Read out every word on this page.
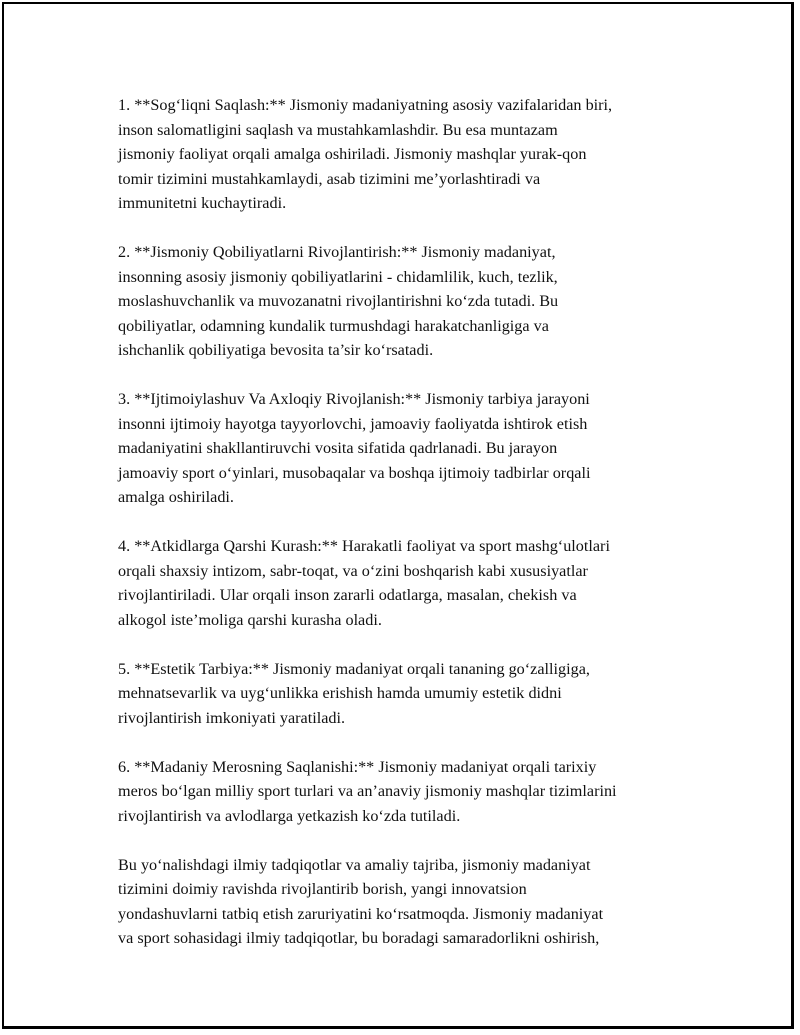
1. **Sog‘liqni Saqlash:** Jismoniy madaniyatning asosiy vazifalaridan biri,
inson salomatligini saqlash va mustahkamlashdir. Bu esa muntazam
jismoniy faoliyat orqali amalga oshiriladi. Jismoniy mashqlar yurak-qon
tomir tizimini mustahkamlaydi, asab tizimini me’yorlashtiradi va
immunitetni kuchaytiradi.

2. **Jismoniy Qobiliyatlarni Rivojlantirish:** Jismoniy madaniyat,
insonning asosiy jismoniy qobiliyatlarini - chidamlilik, kuch, tezlik,
moslashuvchanlik va muvozanatni rivojlantirishni ko‘zda tutadi. Bu
qobiliyatlar, odamning kundalik turmushdagi harakatchanligiga va
ishchanlik qobiliyatiga bevosita ta’sir ko‘rsatadi.

3. **Ijtimoiylashuv Va Axloqiy Rivojlanish:** Jismoniy tarbiya jarayoni
insonni ijtimoiy hayotga tayyorlovchi, jamoaviy faoliyatda ishtirok etish
madaniyatini shakllantiruvchi vosita sifatida qadrlanadi. Bu jarayon
jamoaviy sport o‘yinlari, musobaqalar va boshqa ijtimoiy tadbirlar orqali
amalga oshiriladi.

4. **Atkidlarga Qarshi Kurash:** Harakatli faoliyat va sport mashg‘ulotlari
orqali shaxsiy intizom, sabr-toqat, va o‘zini boshqarish kabi xususiyatlar
rivojlantiriladi. Ular orqali inson zararli odatlarga, masalan, chekish va
alkogol iste’moliga qarshi kurasha oladi.

5. **Estetik Tarbiya:** Jismoniy madaniyat orqali tananing go‘zalligiga,
mehnatsevarlik va uyg‘unlikka erishish hamda umumiy estetik didni
rivojlantirish imkoniyati yaratiladi.

6. **Madaniy Merosning Saqlanishi:** Jismoniy madaniyat orqali tarixiy
meros bo‘lgan milliy sport turlari va an’anaviy jismoniy mashqlar tizimlarini
rivojlantirish va avlodlarga yetkazish ko‘zda tutiladi.

Bu yo‘nalishdagi ilmiy tadqiqotlar va amaliy tajriba, jismoniy madaniyat
tizimini doimiy ravishda rivojlantirib borish, yangi innovatsion
yondashuvlarni tatbiq etish zaruriyatini ko‘rsatmoqda. Jismoniy madaniyat
va sport sohasidagi ilmiy tadqiqotlar, bu boradagi samaradorlikni oshirish,
